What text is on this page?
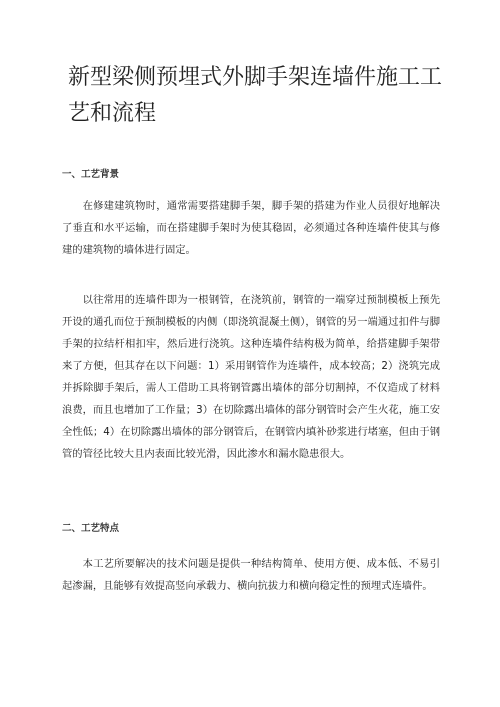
新型梁侧预埋式外脚手架连墙件施工工艺和流程
一、工艺背景

在修建建筑物时，通常需要搭建脚手架，脚手架的搭建为作业人员很好地解决了垂直和水平运输，而在搭建脚手架时为使其稳固，必须通过各种连墙件使其与修建的建筑物的墙体进行固定。

以往常用的连墙件即为一根钢管，在浇筑前，钢管的一端穿过预制模板上预先开设的通孔而位于预制模板的内侧（即浇筑混凝土侧），钢管的另一端通过扣件与脚手架的拉结杆相扣牢，然后进行浇筑。这种连墙件结构极为简单，给搭建脚手架带来了方便，但其存在以下问题：1）采用钢管作为连墙件，成本较高；2）浇筑完成并拆除脚手架后，需人工借助工具将钢管露出墙体的部分切割掉，不仅造成了材料浪费，而且也增加了工作量；3）在切除露出墙体的部分钢管时会产生火花，施工安全性低；4）在切除露出墙体的部分钢管后，在钢管内填补砂浆进行堵塞，但由于钢管的管径比较大且内表面比较光滑，因此渗水和漏水隐患很大。

二、工艺特点

本工艺所要解决的技术问题是提供一种结构简单、使用方便、成本低、不易引起渗漏，且能够有效提高竖向承载力、横向抗拔力和横向稳定性的预埋式连墙件。
